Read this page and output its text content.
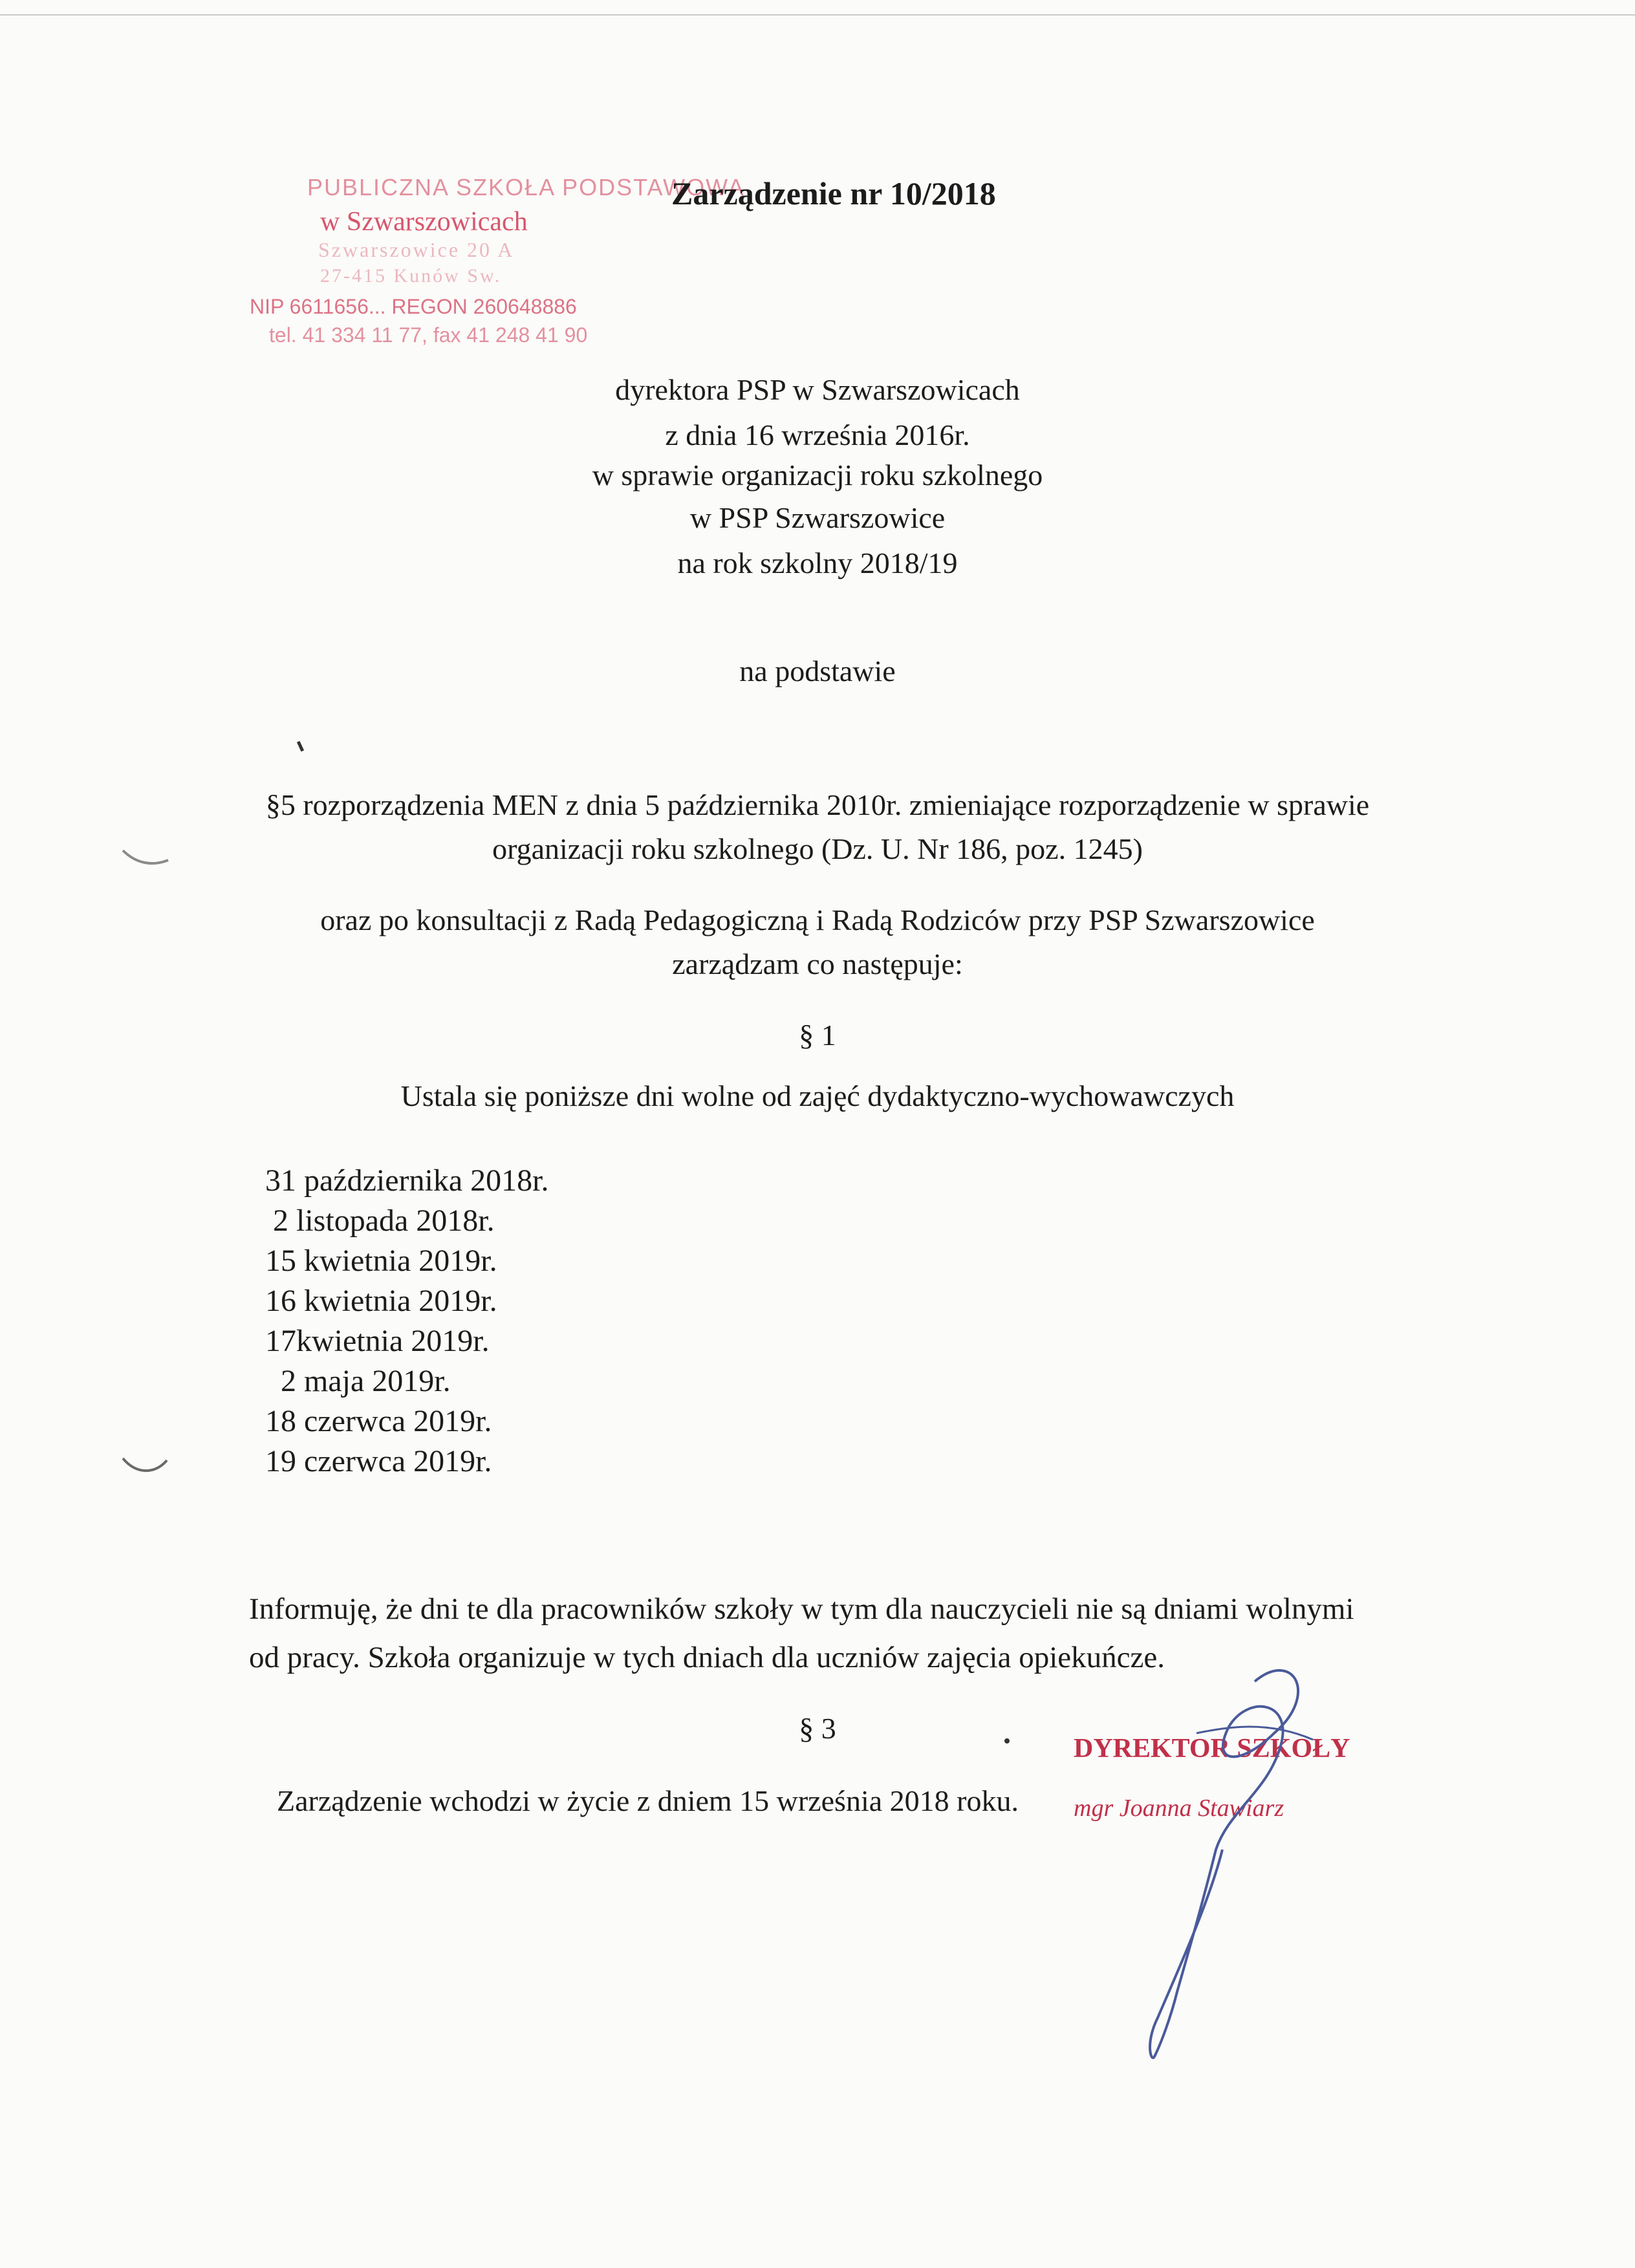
PUBLICZNA SZKOŁA PODSTAWOWA
w Szwarszowicach
Szwarszowice 20 A
27-415 Kunów Sw.
NIP 6611656... REGON 260648886
tel. 41 334 11 77, fax 41 248 41 90
Zarządzenie nr 10/2018
dyrektora PSP w Szwarszowicach
z dnia 16 września 2016r.
w sprawie organizacji roku szkolnego
w PSP Szwarszowice
na rok szkolny 2018/19
na podstawie
§5 rozporządzenia MEN z dnia 5 października 2010r. zmieniające rozporządzenie w sprawie
organizacji roku szkolnego (Dz. U. Nr 186, poz. 1245)
oraz po konsultacji z Radą Pedagogiczną i Radą Rodziców przy PSP Szwarszowice
zarządzam co następuje:
§ 1
Ustala się poniższe dni wolne od zajęć dydaktyczno-wychowawczych
31 października 2018r.
2 listopada 2018r.
15 kwietnia 2019r.
16 kwietnia 2019r.
17kwietnia 2019r.
2 maja 2019r.
18 czerwca 2019r.
19 czerwca 2019r.
Informuję, że dni te dla pracowników szkoły w tym dla nauczycieli nie są dniami wolnymi
od pracy. Szkoła organizuje w tych dniach dla uczniów zajęcia opiekuńcze.
§ 3
Zarządzenie wchodzi w życie z dniem 15 września 2018 roku.
DYREKTOR SZKOŁY
mgr Joanna Stawiarz
